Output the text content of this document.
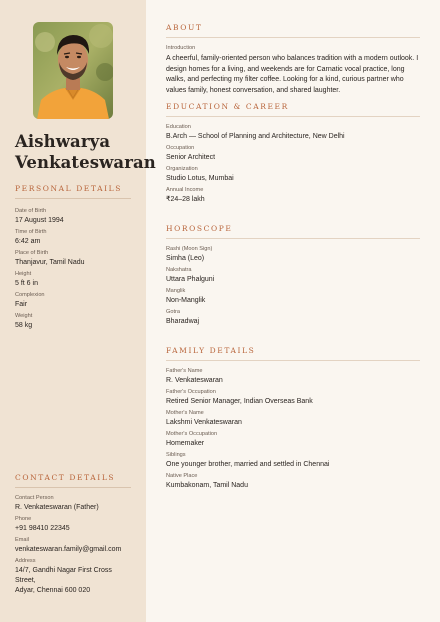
Aishwarya
Venkateswaran
PERSONAL DETAILS
Date of Birth
17 August 1994
Time of Birth
6:42 am
Place of Birth
Thanjavur, Tamil Nadu
Height
5 ft 6 in
Complexion
Fair
Weight
58 kg
CONTACT DETAILS
Contact Person
R. Venkateswaran (Father)
Phone
+91 98410 22345
Email
venkateswaran.family@gmail.com
Address
14/7, Gandhi Nagar First Cross
Street,
Adyar, Chennai 600 020
ABOUT
Introduction
A cheerful, family-oriented person who balances tradition with a modern outlook. I design homes for a living, and weekends are for Carnatic vocal practice, long walks, and perfecting my filter coffee. Looking for a kind, curious partner who values family, honest conversation, and shared laughter.
EDUCATION & CAREER
Education
B.Arch — School of Planning and Architecture, New Delhi
Occupation
Senior Architect
Organization
Studio Lotus, Mumbai
Annual Income
₹24–28 lakh
HOROSCOPE
Rashi (Moon Sign)
Simha (Leo)
Nakshatra
Uttara Phalguni
Manglik
Non-Manglik
Gotra
Bharadwaj
FAMILY DETAILS
Father's Name
R. Venkateswaran
Father's Occupation
Retired Senior Manager, Indian Overseas Bank
Mother's Name
Lakshmi Venkateswaran
Mother's Occupation
Homemaker
Siblings
One younger brother, married and settled in Chennai
Native Place
Kumbakonam, Tamil Nadu
